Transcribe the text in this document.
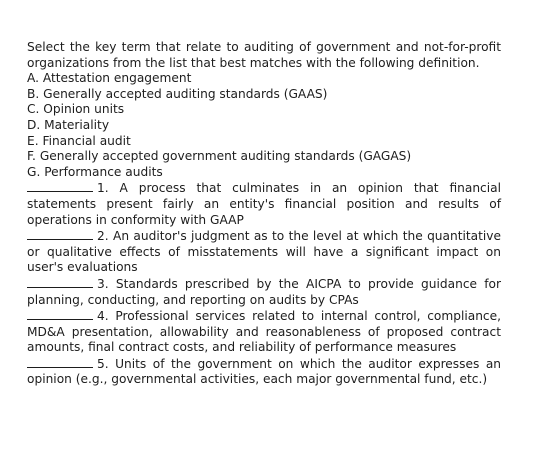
Select the key term that relate to auditing of government and not-for-profit organizations from the list that best matches with the following definition.

A. Attestation engagement
B. Generally accepted auditing standards (GAAS)
C. Opinion units
D. Materiality
E. Financial audit
F. Generally accepted government auditing standards (GAGAS)
G. Performance audits

1. A process that culminates in an opinion that financial statements present fairly an entity's financial position and results of operations in conformity with GAAP

2. An auditor's judgment as to the level at which the quantitative or qualitative effects of misstatements will have a significant impact on user's evaluations

3. Standards prescribed by the AICPA to provide guidance for planning, conducting, and reporting on audits by CPAs

4. Professional services related to internal control, compliance, MD&A presentation, allowability and reasonableness of proposed contract amounts, final contract costs, and reliability of performance measures

5. Units of the government on which the auditor expresses an opinion (e.g., governmental activities, each major governmental fund, etc.)
